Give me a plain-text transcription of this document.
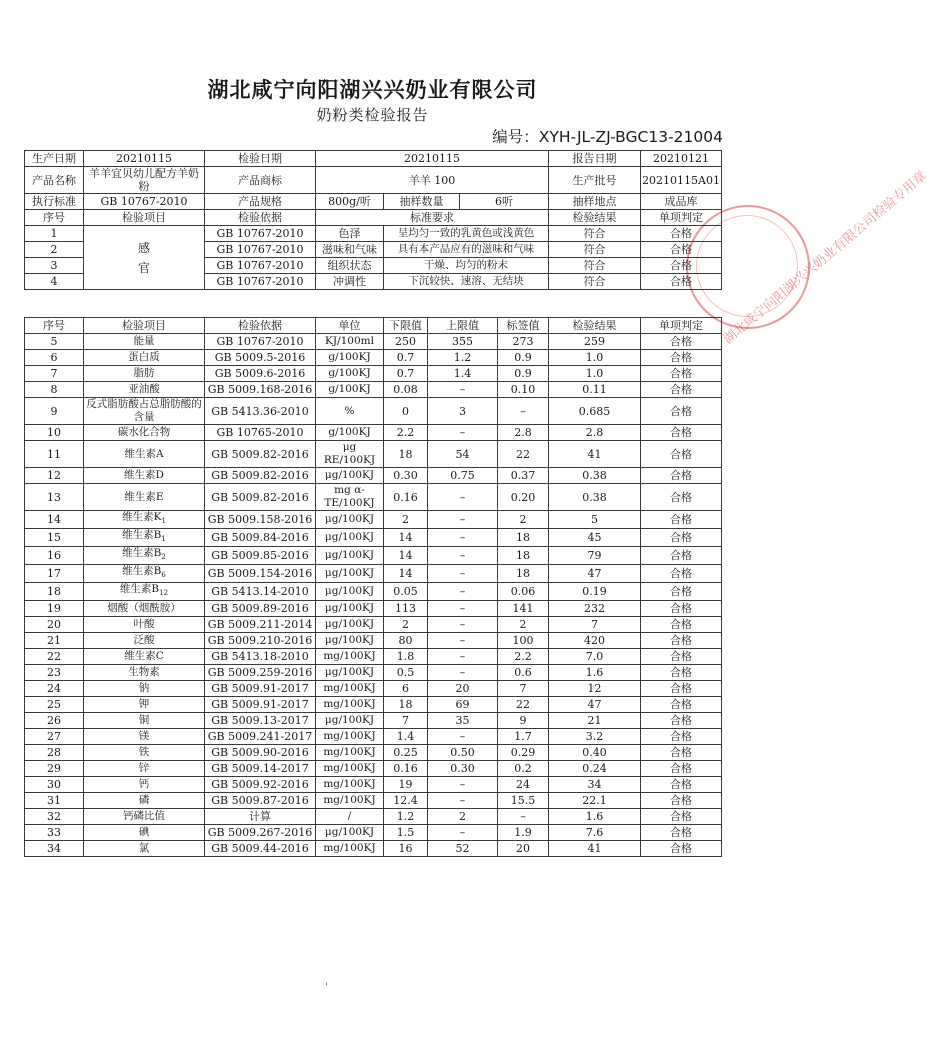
湖北咸宁向阳湖兴兴奶业有限公司
奶粉类检验报告
编号：XYH-JL-ZJ-BGC13-21004
湖北咸宁向阳湖兴兴奶业有限公司检验专用章
生产日期	20210115	检验日期	20210115			报告日期	20210121
产品名称	羊羊宜贝幼儿配方羊奶粉	产品商标	羊羊 100			生产批号	20210115A01
执行标准	GB 10767-2010	产品规格	800g/听	抽样数量	6听	抽样地点	成品库
序号	检验项目	检验依据	标准要求			检验结果	单项判定
1	感官	GB 10767-2010	色泽	呈均匀一致的乳黄色或浅黄色		符合	合格
2		GB 10767-2010	滋味和气味	具有本产品应有的滋味和气味		符合	合格
3		GB 10767-2010	组织状态	干燥、均匀的粉末		符合	合格
4		GB 10767-2010	冲调性	下沉较快、速溶、无结块		符合	合格
序号	检验项目	检验依据	单位	下限值	上限值	标签值	检验结果	单项判定
5	能量	GB 10767-2010	KJ/100ml	250	355	273	259	合格
6	蛋白质	GB 5009.5-2016	g/100KJ	0.7	1.2	0.9	1.0	合格
7	脂肪	GB 5009.6-2016	g/100KJ	0.7	1.4	0.9	1.0	合格
8	亚油酸	GB 5009.168-2016	g/100KJ	0.08	–	0.10	0.11	合格
9	反式脂肪酸占总脂肪酸的含量	GB 5413.36-2010	%	0	3	–	0.685	合格
10	碳水化合物	GB 10765-2010	g/100KJ	2.2	–	2.8	2.8	合格
11	维生素A	GB 5009.82-2016	μg RE/100KJ	18	54	22	41	合格
12	维生素D	GB 5009.82-2016	μg/100KJ	0.30	0.75	0.37	0.38	合格
13	维生素E	GB 5009.82-2016	mg α-TE/100KJ	0.16	–	0.20	0.38	合格
14	维生素$K_1$	GB 5009.158-2016	μg/100KJ	2	–	2	5	合格
15	维生素$B_1$	GB 5009.84-2016	μg/100KJ	14	–	18	45	合格
16	维生素$B_2$	GB 5009.85-2016	μg/100KJ	14	–	18	79	合格
17	维生素$B_6$	GB 5009.154-2016	μg/100KJ	14	–	18	47	合格
18	维生素$B_{12}$	GB 5413.14-2010	μg/100KJ	0.05	–	0.06	0.19	合格
19	烟酸（烟酰胺）	GB 5009.89-2016	μg/100KJ	113	–	141	232	合格
20	叶酸	GB 5009.211-2014	μg/100KJ	2	–	2	7	合格
21	泛酸	GB 5009.210-2016	μg/100KJ	80	–	100	420	合格
22	维生素C	GB 5413.18-2010	mg/100KJ	1.8	–	2.2	7.0	合格
23	生物素	GB 5009.259-2016	μg/100KJ	0.5	–	0.6	1.6	合格
24	钠	GB 5009.91-2017	mg/100KJ	6	20	7	12	合格
25	钾	GB 5009.91-2017	mg/100KJ	18	69	22	47	合格
26	铜	GB 5009.13-2017	μg/100KJ	7	35	9	21	合格
27	镁	GB 5009.241-2017	mg/100KJ	1.4	–	1.7	3.2	合格
28	铁	GB 5009.90-2016	mg/100KJ	0.25	0.50	0.29	0.40	合格
29	锌	GB 5009.14-2017	mg/100KJ	0.16	0.30	0.2	0.24	合格
30	钙	GB 5009.92-2016	mg/100KJ	19	–	24	34	合格
31	磷	GB 5009.87-2016	mg/100KJ	12.4	–	15.5	22.1	合格
32	钙磷比值	计算	/	1.2	2	–	1.6	合格
33	碘	GB 5009.267-2016	μg/100KJ	1.5	–	1.9	7.6	合格
34	氯	GB 5009.44-2016	mg/100KJ	16	52	20	41	合格
'
